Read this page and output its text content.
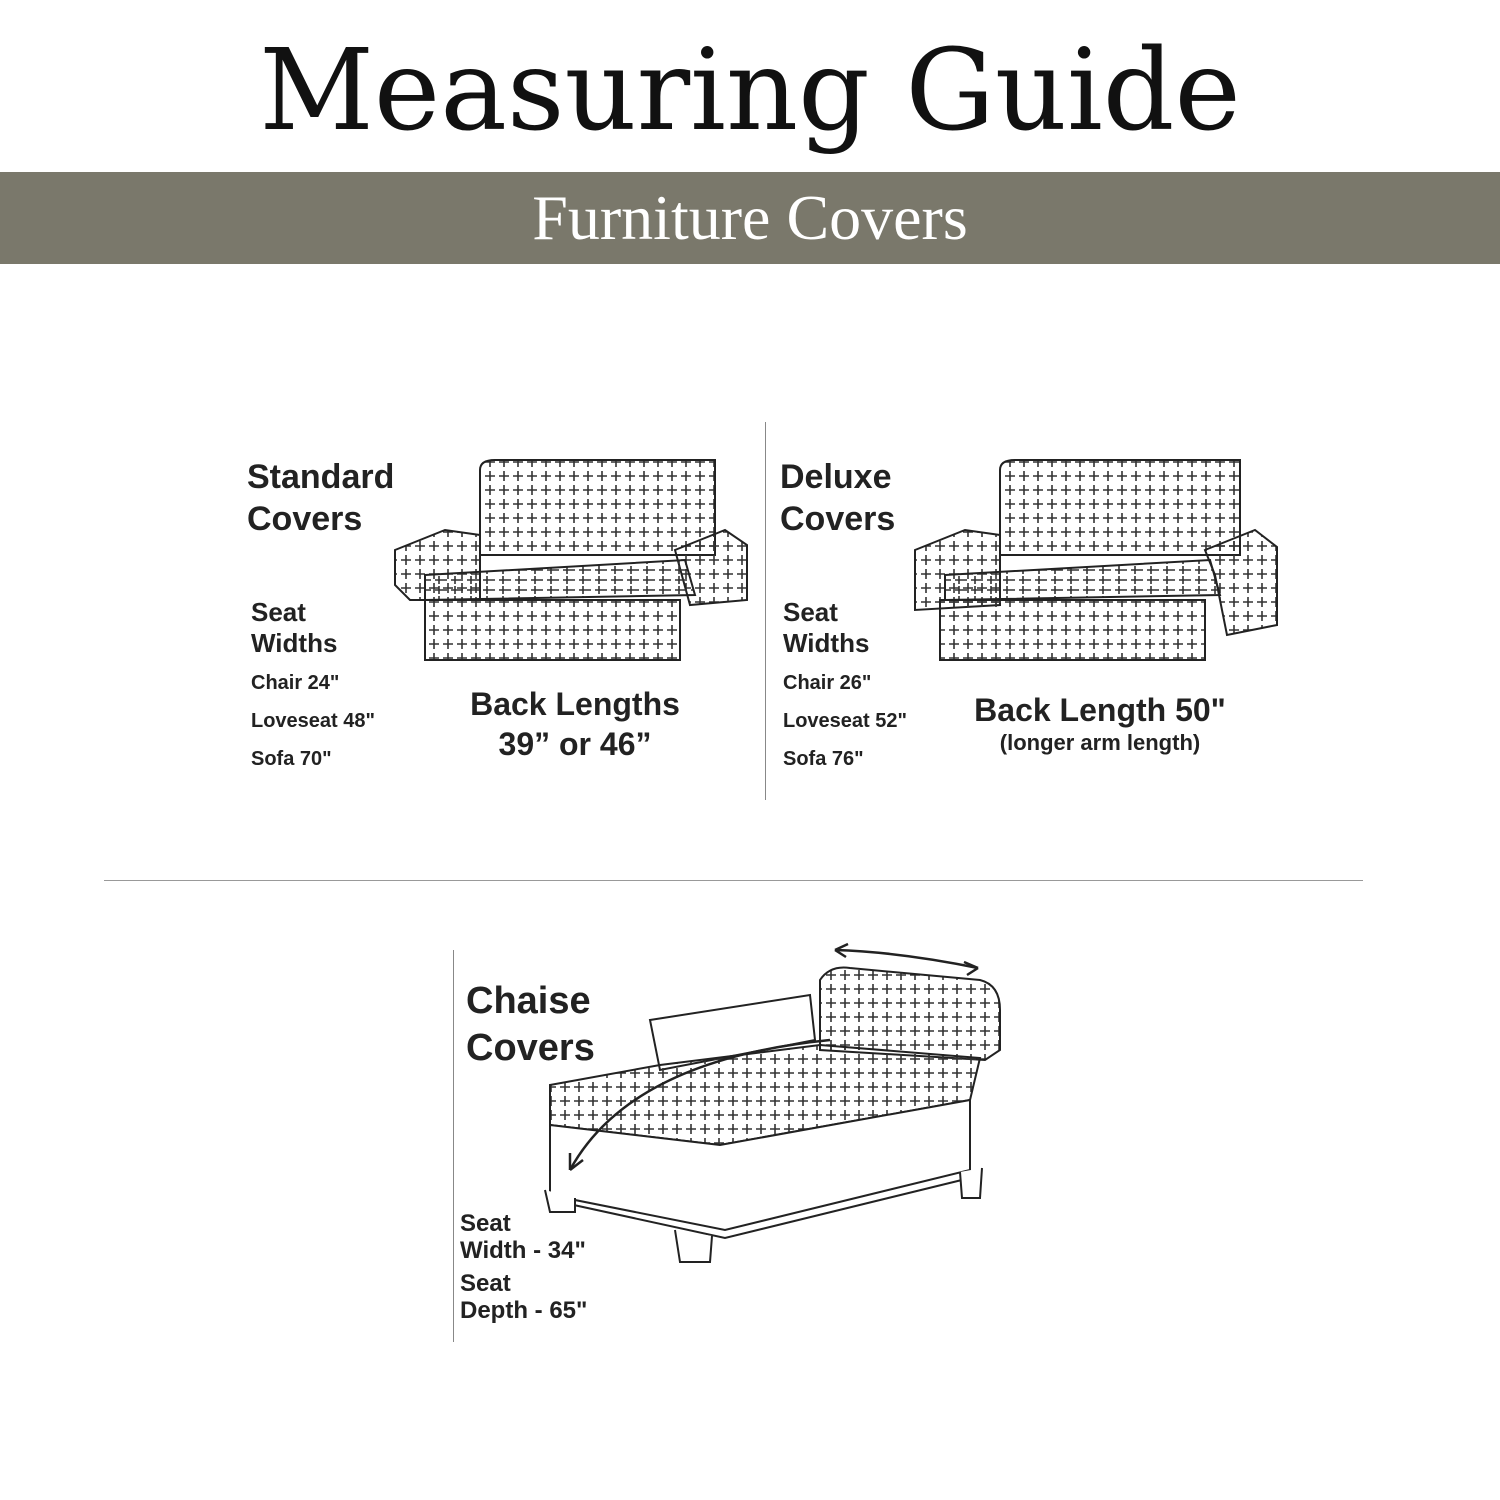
Measuring Guide
Furniture Covers
Standard
Covers
Seat
Widths
Chair 24"
Loveseat 48"
Sofa 70"
Back Lengths
39” or 46”
Deluxe
Covers
Seat
Widths
Chair 26"
Loveseat 52"
Sofa 76"
Back Length 50"
(longer arm length)
Chaise
Covers
Seat
Width - 34"
Seat
Depth - 65"
